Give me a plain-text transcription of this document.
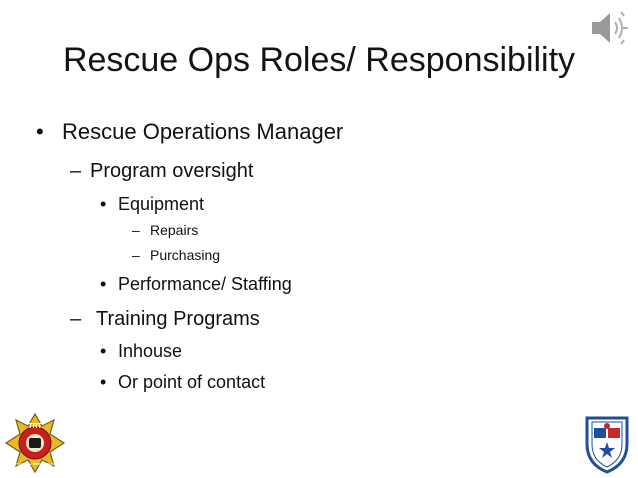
Rescue Ops Roles/ Responsibility
• Rescue Operations Manager
– Program oversight
• Equipment
– Repairs
– Purchasing
• Performance/ Staffing
– Training Programs
• Inhouse
• Or point of contact
TRT
TECHNICAL RESCUE TEAM
